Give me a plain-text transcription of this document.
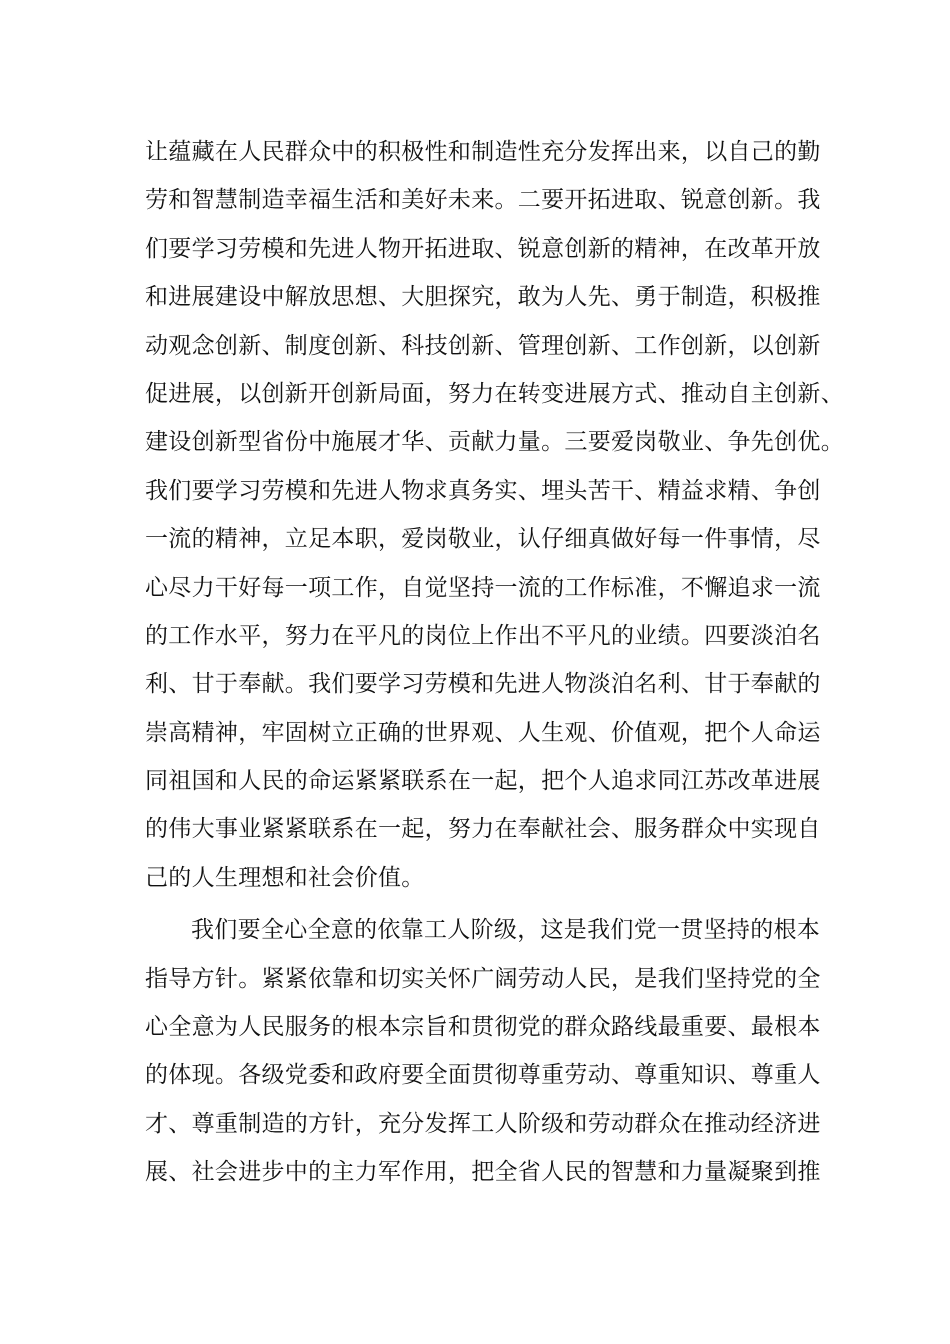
让蕴藏在人民群众中的积极性和制造性充分发挥出来，以自己的勤
劳和智慧制造幸福生活和美好未来。二要开拓进取、锐意创新。我
们要学习劳模和先进人物开拓进取、锐意创新的精神，在改革开放
和进展建设中解放思想、大胆探究，敢为人先、勇于制造，积极推
动观念创新、制度创新、科技创新、管理创新、工作创新，以创新
促进展，以创新开创新局面，努力在转变进展方式、推动自主创新、
建设创新型省份中施展才华、贡献力量。三要爱岗敬业、争先创优。
我们要学习劳模和先进人物求真务实、埋头苦干、精益求精、争创
一流的精神，立足本职，爱岗敬业，认仔细真做好每一件事情，尽
心尽力干好每一项工作，自觉坚持一流的工作标准，不懈追求一流
的工作水平，努力在平凡的岗位上作出不平凡的业绩。四要淡泊名
利、甘于奉献。我们要学习劳模和先进人物淡泊名利、甘于奉献的
崇高精神，牢固树立正确的世界观、人生观、价值观，把个人命运
同祖国和人民的命运紧紧联系在一起，把个人追求同江苏改革进展
的伟大事业紧紧联系在一起，努力在奉献社会、服务群众中实现自
己的人生理想和社会价值。
我们要全心全意的依靠工人阶级，这是我们党一贯坚持的根本
指导方针。紧紧依靠和切实关怀广阔劳动人民，是我们坚持党的全
心全意为人民服务的根本宗旨和贯彻党的群众路线最重要、最根本
的体现。各级党委和政府要全面贯彻尊重劳动、尊重知识、尊重人
才、尊重制造的方针，充分发挥工人阶级和劳动群众在推动经济进
展、社会进步中的主力军作用，把全省人民的智慧和力量凝聚到推
